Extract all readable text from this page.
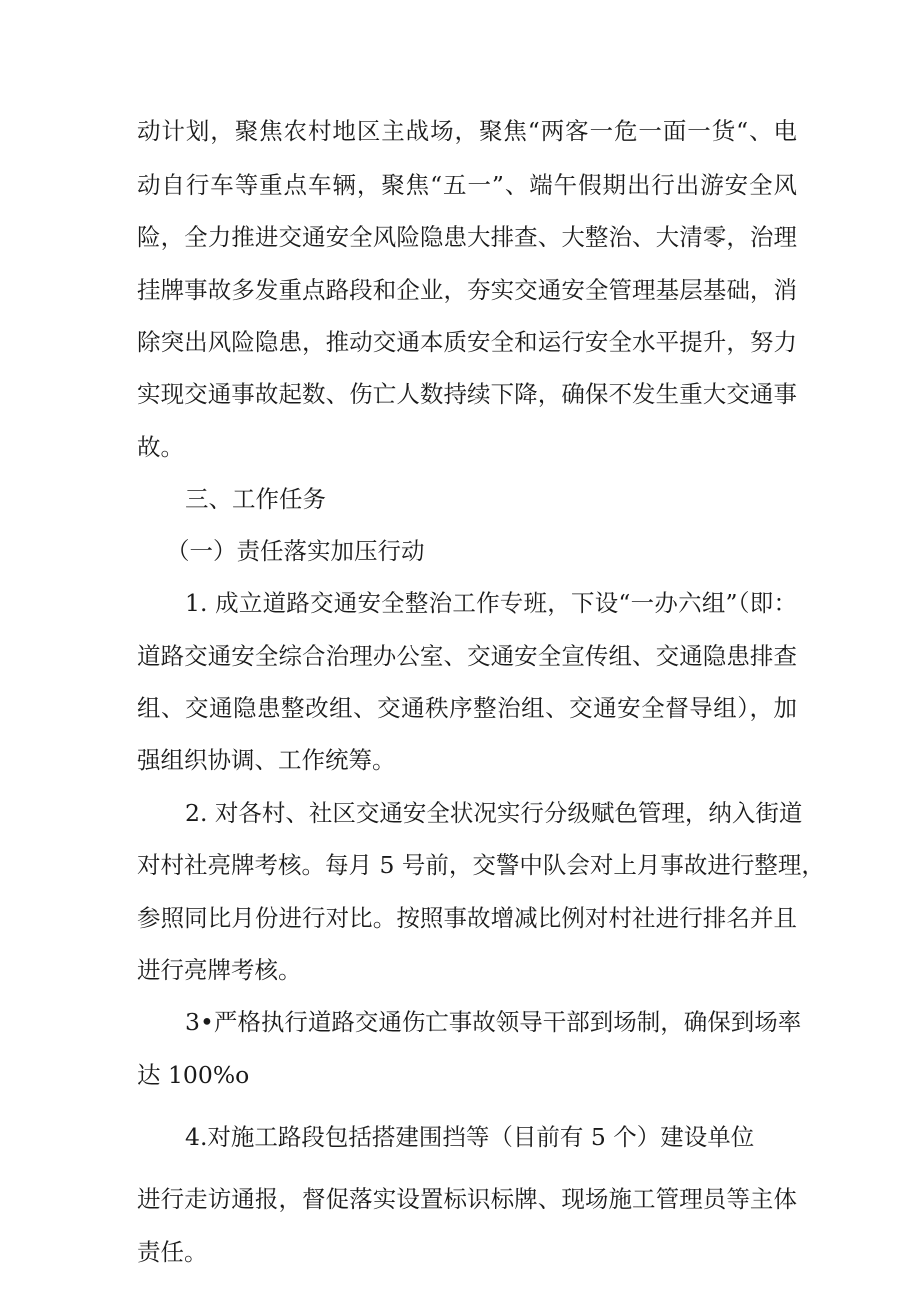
动计划，聚焦农村地区主战场，聚焦“两客一危一面一货“、电
动自行车等重点车辆，聚焦“五一”、端午假期出行出游安全风
险，全力推进交通安全风险隐患大排查、大整治、大清零，治理
挂牌事故多发重点路段和企业，夯实交通安全管理基层基础，消
除突出风险隐患，推动交通本质安全和运行安全水平提升，努力
实现交通事故起数、伤亡人数持续下降，确保不发生重大交通事
故。
三、工作任务
（一）责任落实加压行动
1. 成立道路交通安全整治工作专班，下设“一办六组”（即：
道路交通安全综合治理办公室、交通安全宣传组、交通隐患排查
组、交通隐患整改组、交通秩序整治组、交通安全督导组），加
强组织协调、工作统筹。
2. 对各村、社区交通安全状况实行分级赋色管理，纳入街道
对村社亮牌考核。每月 5 号前，交警中队会对上月事故进行整理，
参照同比月份进行对比。按照事故增减比例对村社进行排名并且
进行亮牌考核。
3•严格执行道路交通伤亡事故领导干部到场制，确保到场率
达 100%o
4.对施工路段包括搭建围挡等（目前有 5 个）建设单位
进行走访通报，督促落实设置标识标牌、现场施工管理员等主体
责任。
